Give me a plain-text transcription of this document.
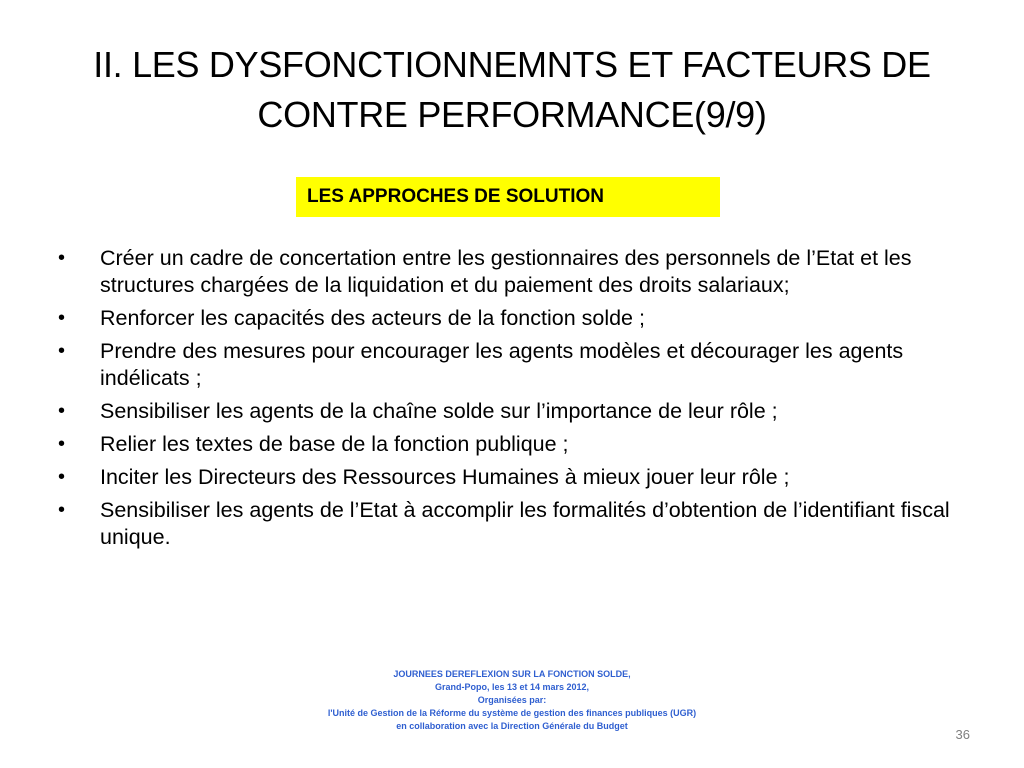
II. LES DYSFONCTIONNEMNTS ET FACTEURS DE
CONTRE PERFORMANCE(9/9)
LES APPROCHES DE SOLUTION
• Créer un cadre de concertation entre les gestionnaires des personnels de l’Etat et les structures chargées de la liquidation et du paiement des droits salariaux;
• Renforcer les capacités des acteurs de la fonction solde ;
• Prendre des mesures pour encourager les agents modèles et décourager les agents indélicats ;
• Sensibiliser les agents de la chaîne solde sur l’importance de leur rôle ;
• Relier les textes de base de la fonction publique ;
• Inciter les Directeurs des Ressources Humaines à mieux jouer leur rôle ;
• Sensibiliser les agents de l’Etat à accomplir les formalités d’obtention de l’identifiant fiscal unique.
JOURNEES DEREFLEXION SUR LA FONCTION SOLDE,
Grand-Popo, les 13 et 14 mars 2012,
Organisées par:
l'Unité de Gestion de la Réforme du système de gestion des finances publiques (UGR)
en collaboration avec la Direction Générale du Budget
36
